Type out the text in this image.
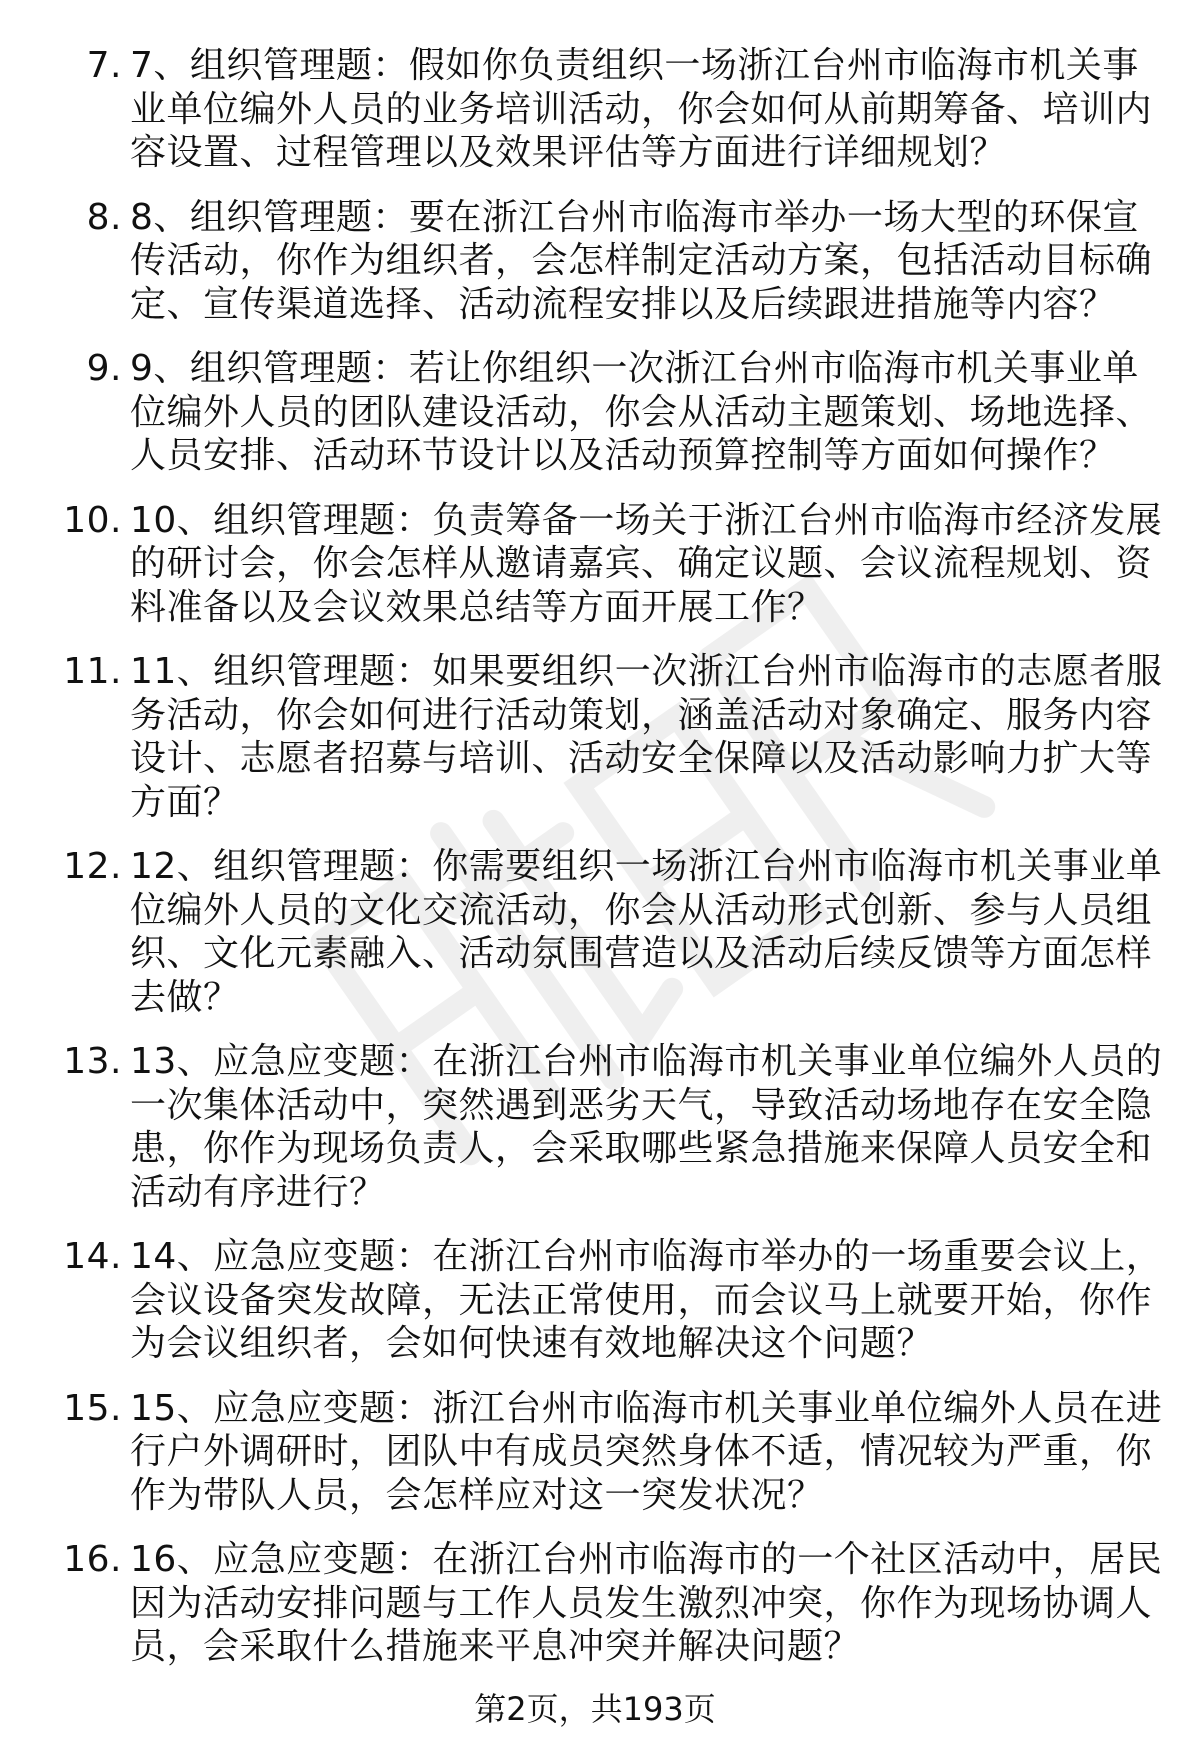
7. 7、组织管理题：假如你负责组织一场浙江台州市临海市机关事业单位编外人员的业务培训活动，你会如何从前期筹备、培训内容设置、过程管理以及效果评估等方面进行详细规划？
8. 8、组织管理题：要在浙江台州市临海市举办一场大型的环保宣传活动，你作为组织者，会怎样制定活动方案，包括活动目标确定、宣传渠道选择、活动流程安排以及后续跟进措施等内容？
9. 9、组织管理题：若让你组织一次浙江台州市临海市机关事业单位编外人员的团队建设活动，你会从活动主题策划、场地选择、人员安排、活动环节设计以及活动预算控制等方面如何操作？
10. 10、组织管理题：负责筹备一场关于浙江台州市临海市经济发展的研讨会，你会怎样从邀请嘉宾、确定议题、会议流程规划、资料准备以及会议效果总结等方面开展工作？
11. 11、组织管理题：如果要组织一次浙江台州市临海市的志愿者服务活动，你会如何进行活动策划，涵盖活动对象确定、服务内容设计、志愿者招募与培训、活动安全保障以及活动影响力扩大等方面？
12. 12、组织管理题：你需要组织一场浙江台州市临海市机关事业单位编外人员的文化交流活动，你会从活动形式创新、参与人员组织、文化元素融入、活动氛围营造以及活动后续反馈等方面怎样去做？
13. 13、应急应变题：在浙江台州市临海市机关事业单位编外人员的一次集体活动中，突然遇到恶劣天气，导致活动场地存在安全隐患，你作为现场负责人，会采取哪些紧急措施来保障人员安全和活动有序进行？
14. 14、应急应变题：在浙江台州市临海市举办的一场重要会议上，会议设备突发故障，无法正常使用，而会议马上就要开始，你作为会议组织者，会如何快速有效地解决这个问题？
15. 15、应急应变题：浙江台州市临海市机关事业单位编外人员在进行户外调研时，团队中有成员突然身体不适，情况较为严重，你作为带队人员，会怎样应对这一突发状况？
16. 16、应急应变题：在浙江台州市临海市的一个社区活动中，居民因为活动安排问题与工作人员发生激烈冲突，你作为现场协调人员，会采取什么措施来平息冲突并解决问题？
第2页，共193页
